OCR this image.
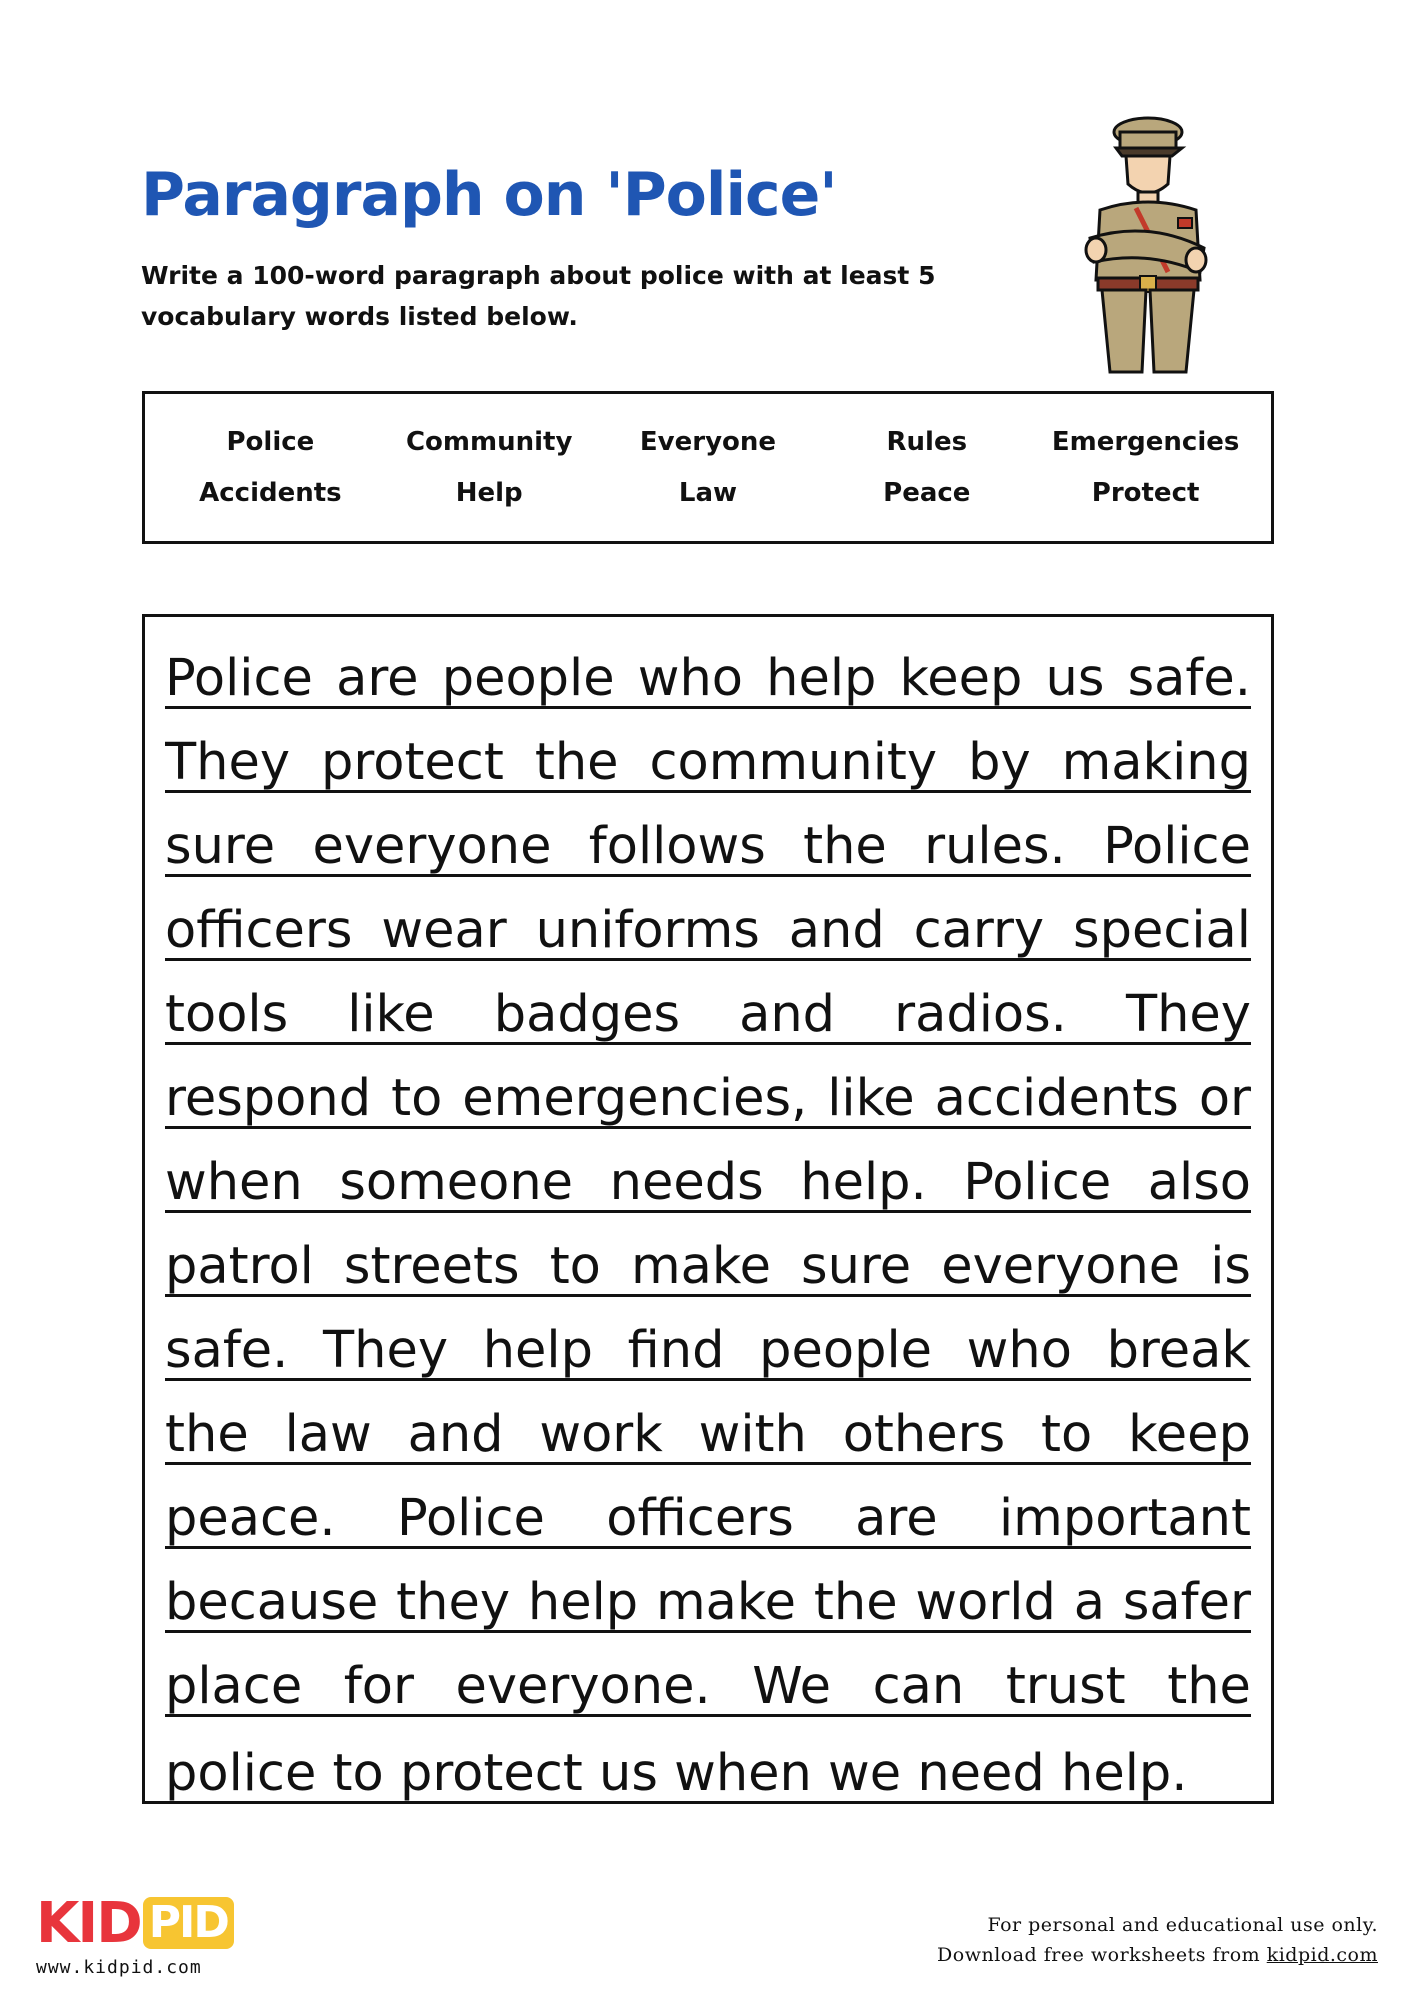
Paragraph on 'Police'

Write a 100-word paragraph about police with at least 5 vocabulary words listed below.

Police	Community	Everyone	Rules	Emergencies
Accidents	Help	Law	Peace	Protect
Police are people who help keep us safe.
They protect the community by making
sure everyone follows the rules. Police
officers wear uniforms and carry special
tools like badges and radios. They
respond to emergencies, like accidents or
when someone needs help. Police also
patrol streets to make sure everyone is
safe. They help find people who break
the law and work with others to keep
peace. Police officers are important
because they help make the world a safer
place for everyone. We can trust the
police to protect us when we need help.
KID PID
www.kidpid.com
For personal and educational use only.
Download free worksheets from kidpid.com
